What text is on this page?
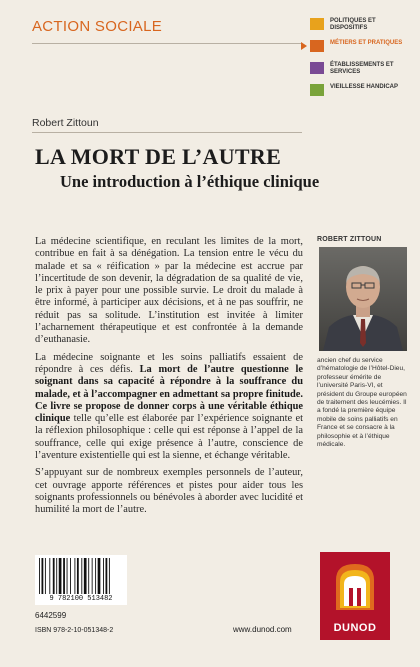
ACTION SOCIALE	POLITIQUES ET DISPOSITIFS
MÉTIERS ET PRATIQUES
ÉTABLISSEMENTS ET SERVICES
VIEILLESSE HANDICAP
Robert Zittoun
LA MORT DE L’AUTRE
Une introduction à l’éthique clinique

La médecine scientifique, en reculant les limites de la mort, contribue en fait à sa dénégation. La tension entre le vécu du malade et sa « réification » par la médecine est accrue par l’incertitude de son devenir, la dégradation de sa qualité de vie, le prix à payer pour une possible survie. Le droit du malade à être informé, à participer aux décisions, et à ne pas souffrir, ne réduit pas sa solitude. L’institution est invitée à limiter l’acharnement thérapeutique et est confrontée à la demande d’euthanasie.

La médecine soignante et les soins palliatifs essaient de répondre à ces défis. La mort de l’autre questionne le soignant dans sa capacité à répondre à la souffrance du malade, et à l’accompagner en admettant sa propre finitude. Ce livre se propose de donner corps à une véritable éthique clinique telle qu’elle est élaborée par l’expérience soignante et la réflexion philosophique : celle qui est réponse à l’appel de la souffrance, celle qui exige présence à l’autre, conscience de l’aventure existentielle qui est la sienne, et échange véritable.

S’appuyant sur de nombreux exemples personnels de l’auteur, cet ouvrage apporte références et pistes pour aider tous les soignants professionnels ou bénévoles à aborder avec lucidité et humilité la mort de l’autre.

ROBERT ZITTOUN
ancien chef du service d’hématologie de l’Hôtel-Dieu, professeur émérite de l’université Paris-VI, et président du Groupe européen de traitement des leucémies. Il a fondé la première équipe mobile de soins palliatifs en France et se consacre à la philosophie et à l’éthique médicale.
9 782100 513482
6442599
ISBN 978-2-10-051348-2	www.dunod.com	DUNOD
